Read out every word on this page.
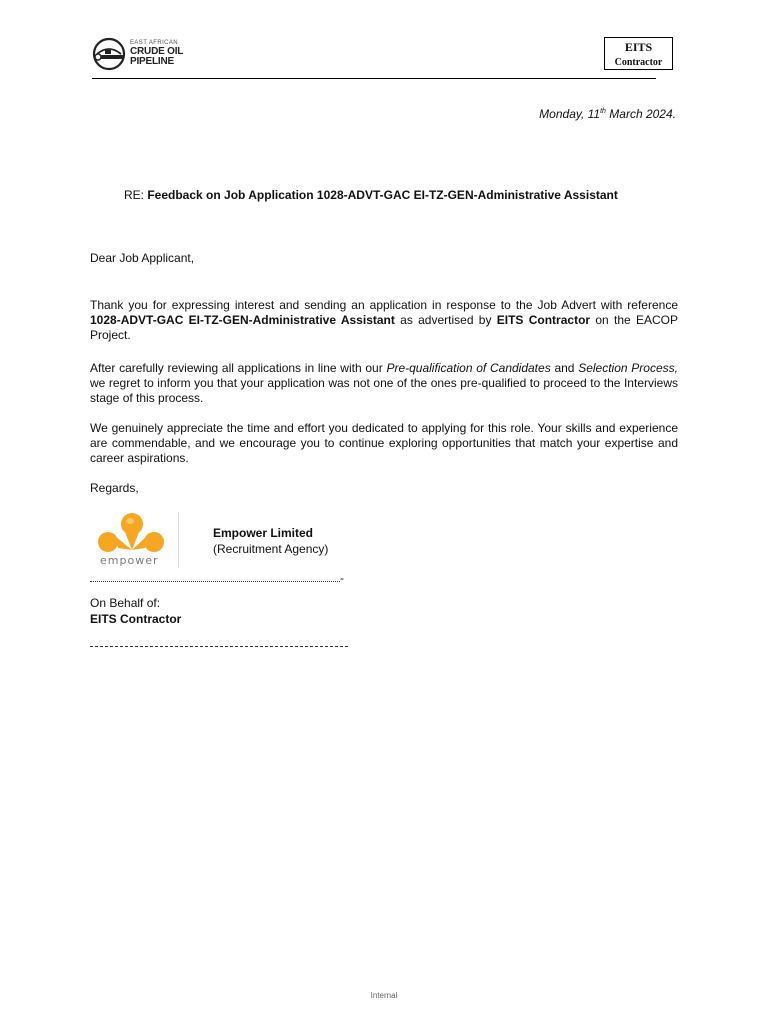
EAST AFRICAN
CRUDE OIL
PIPELINE
EITS
Contractor
Monday, 11th March 2024.
RE: Feedback on Job Application 1028-ADVT-GAC EI-TZ-GEN-Administrative Assistant
Dear Job Applicant,
Thank you for expressing interest and sending an application in response to the Job Advert with reference 1028-ADVT-GAC EI-TZ-GEN-Administrative Assistant as advertised by EITS Contractor on the EACOP Project.
After carefully reviewing all applications in line with our Pre-qualification of Candidates and Selection Process, we regret to inform you that your application was not one of the ones pre-qualified to proceed to the Interviews stage of this process.
We genuinely appreciate the time and effort you dedicated to applying for this role. Your skills and experience are commendable, and we encourage you to continue exploring opportunities that match your expertise and career aspirations.
Regards,
empower
Empower Limited
(Recruitment Agency)
-
On Behalf of:
EITS Contractor
Internal
